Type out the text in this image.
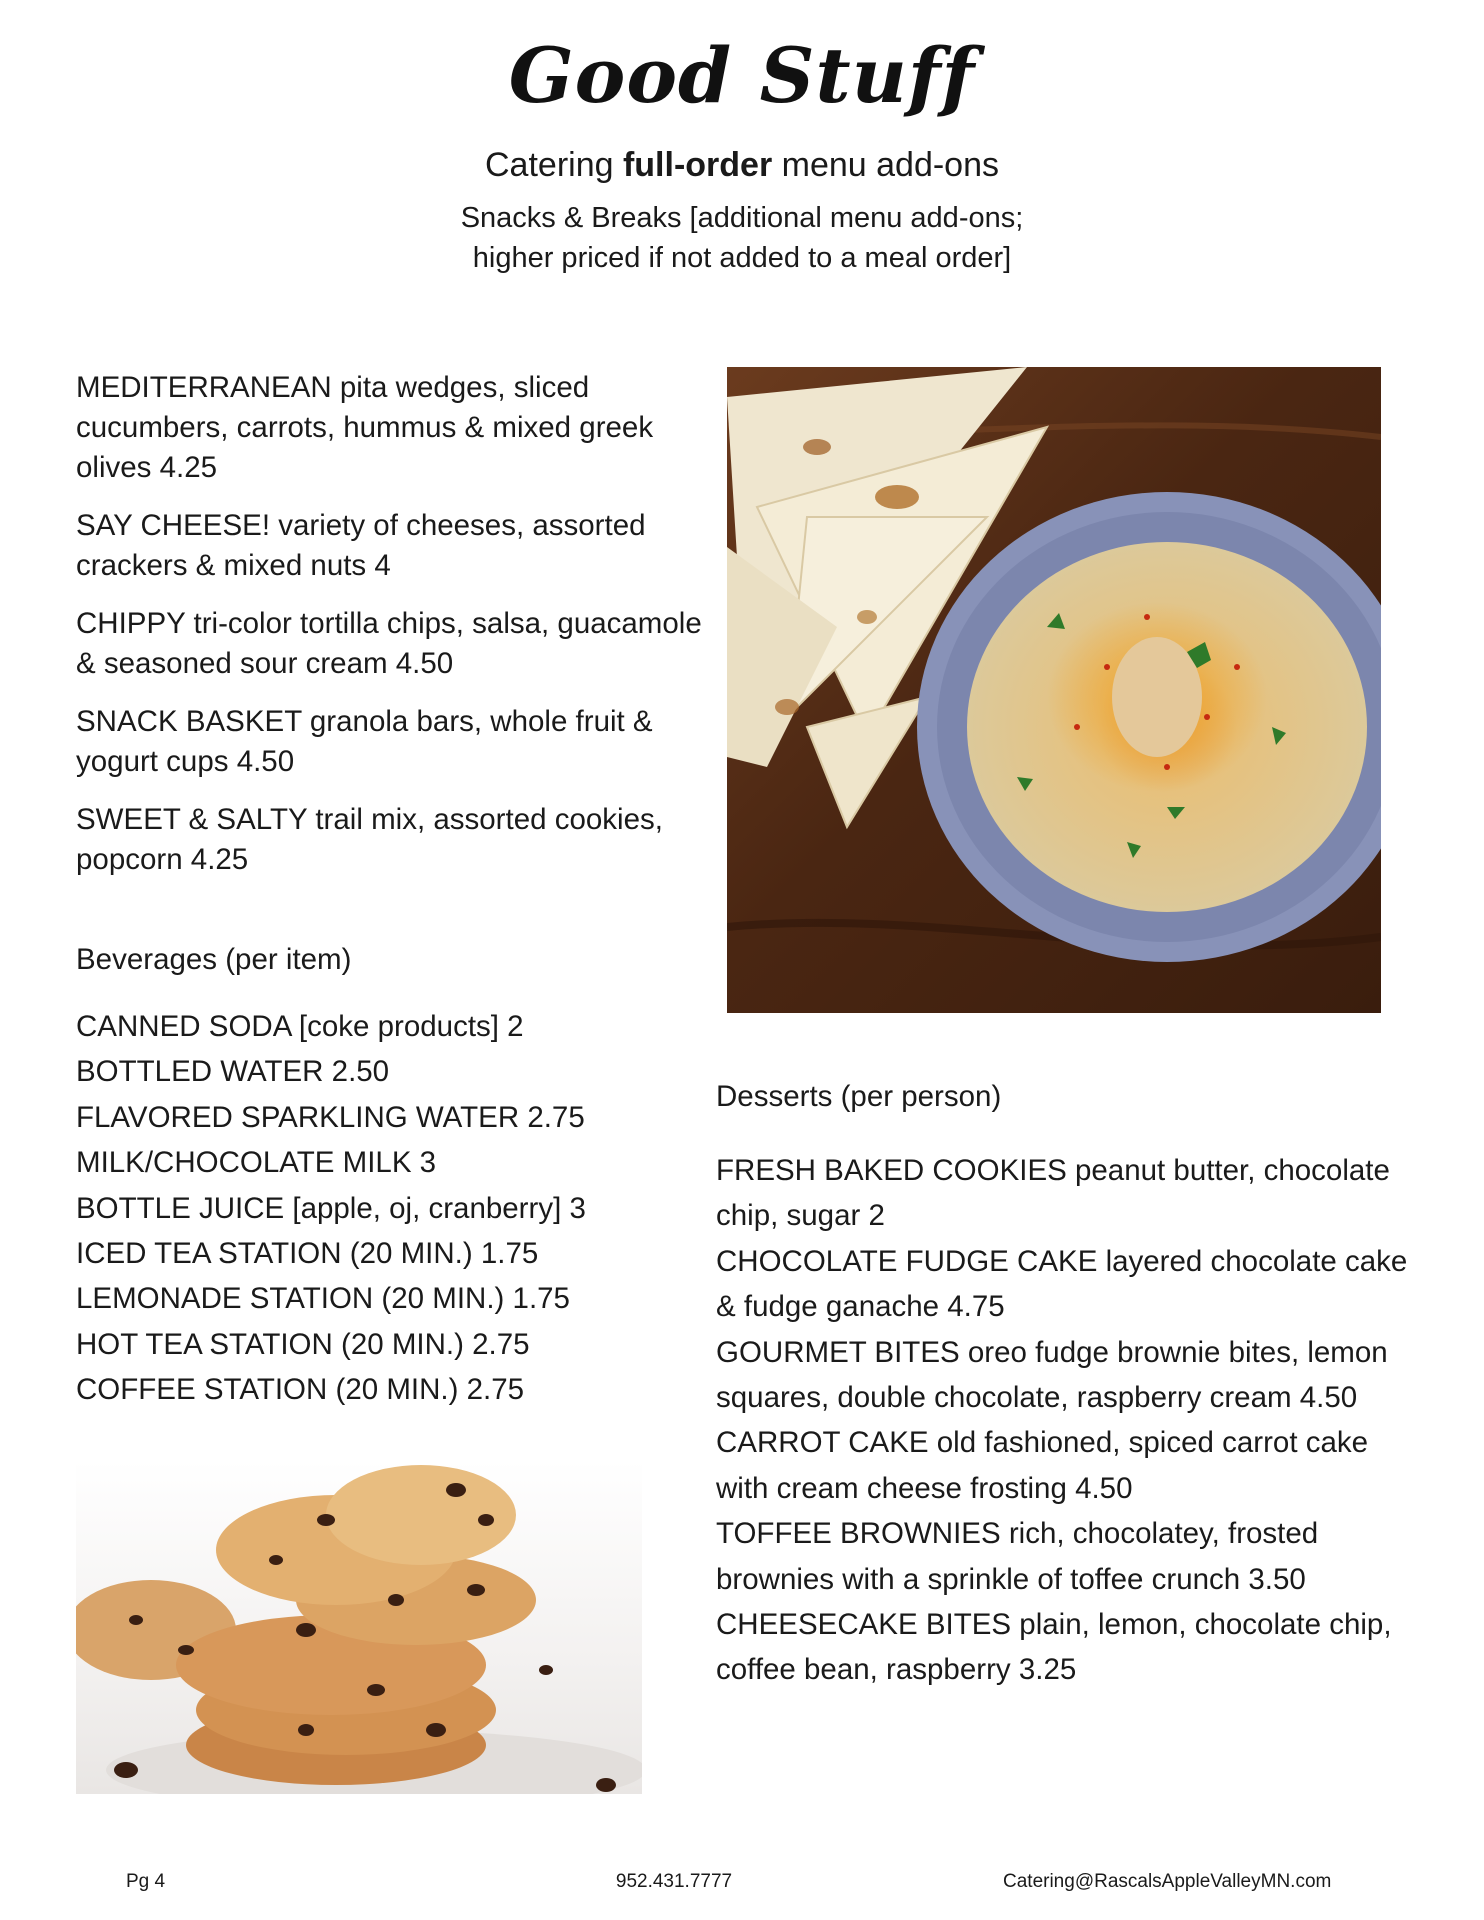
Good Stuff
Catering full-order menu add-ons
Snacks & Breaks [additional menu add-ons;
higher priced if not added to a meal order]

MEDITERRANEAN pita wedges, sliced cucumbers, carrots, hummus & mixed greek olives 4.25

SAY CHEESE! variety of cheeses, assorted crackers & mixed nuts 4

CHIPPY tri-color tortilla chips, salsa, guacamole & seasoned sour cream 4.50

SNACK BASKET granola bars, whole fruit & yogurt cups 4.50

SWEET & SALTY trail mix, assorted cookies, popcorn 4.25

Beverages (per item)
CANNED SODA [coke products] 2
BOTTLED WATER 2.50
FLAVORED SPARKLING WATER 2.75
MILK/CHOCOLATE MILK 3
BOTTLE JUICE [apple, oj, cranberry] 3
ICED TEA STATION (20 MIN.) 1.75
LEMONADE STATION (20 MIN.) 1.75
HOT TEA STATION (20 MIN.) 2.75
COFFEE STATION (20 MIN.) 2.75
Desserts (per person)
FRESH BAKED COOKIES peanut butter, chocolate chip, sugar 2
CHOCOLATE FUDGE CAKE layered chocolate cake & fudge ganache 4.75
GOURMET BITES oreo fudge brownie bites, lemon squares, double chocolate, raspberry cream 4.50
CARROT CAKE old fashioned, spiced carrot cake with cream cheese frosting 4.50
TOFFEE BROWNIES rich, chocolatey, frosted brownies with a sprinkle of toffee crunch 3.50
CHEESECAKE BITES plain, lemon, chocolate chip, coffee bean, raspberry 3.25
Pg 4	952.431.7777	Catering@RascalsAppleValleyMN.com
